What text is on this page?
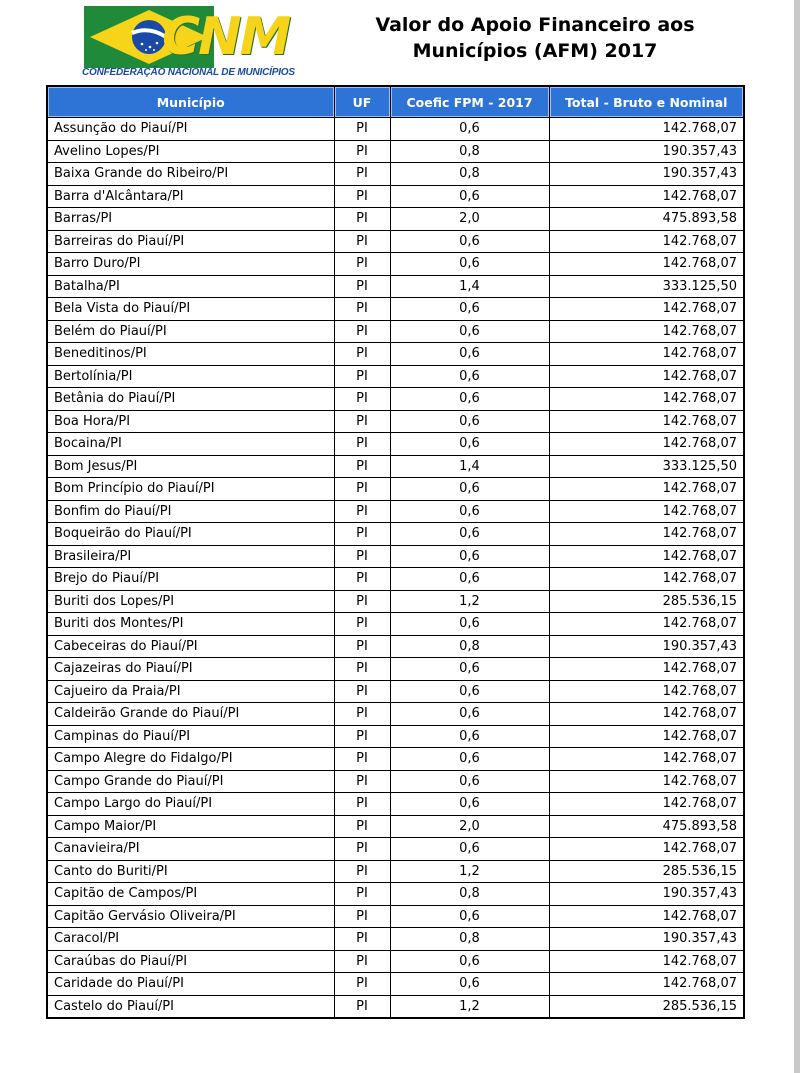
CNM
CONFEDERAÇÃO NACIONAL DE MUNICÍPIOS
Valor do Apoio Financeiro aos
Municípios (AFM) 2017
Município	UF	Coefic FPM - 2017	Total - Bruto e Nominal
Assunção do Piauí/PI	PI	0,6	142.768,07
Avelino Lopes/PI	PI	0,8	190.357,43
Baixa Grande do Ribeiro/PI	PI	0,8	190.357,43
Barra d'Alcântara/PI	PI	0,6	142.768,07
Barras/PI	PI	2,0	475.893,58
Barreiras do Piauí/PI	PI	0,6	142.768,07
Barro Duro/PI	PI	0,6	142.768,07
Batalha/PI	PI	1,4	333.125,50
Bela Vista do Piauí/PI	PI	0,6	142.768,07
Belém do Piauí/PI	PI	0,6	142.768,07
Beneditinos/PI	PI	0,6	142.768,07
Bertolínia/PI	PI	0,6	142.768,07
Betânia do Piauí/PI	PI	0,6	142.768,07
Boa Hora/PI	PI	0,6	142.768,07
Bocaina/PI	PI	0,6	142.768,07
Bom Jesus/PI	PI	1,4	333.125,50
Bom Princípio do Piauí/PI	PI	0,6	142.768,07
Bonfim do Piauí/PI	PI	0,6	142.768,07
Boqueirão do Piauí/PI	PI	0,6	142.768,07
Brasileira/PI	PI	0,6	142.768,07
Brejo do Piauí/PI	PI	0,6	142.768,07
Buriti dos Lopes/PI	PI	1,2	285.536,15
Buriti dos Montes/PI	PI	0,6	142.768,07
Cabeceiras do Piauí/PI	PI	0,8	190.357,43
Cajazeiras do Piauí/PI	PI	0,6	142.768,07
Cajueiro da Praia/PI	PI	0,6	142.768,07
Caldeirão Grande do Piauí/PI	PI	0,6	142.768,07
Campinas do Piauí/PI	PI	0,6	142.768,07
Campo Alegre do Fidalgo/PI	PI	0,6	142.768,07
Campo Grande do Piauí/PI	PI	0,6	142.768,07
Campo Largo do Piauí/PI	PI	0,6	142.768,07
Campo Maior/PI	PI	2,0	475.893,58
Canavieira/PI	PI	0,6	142.768,07
Canto do Buriti/PI	PI	1,2	285.536,15
Capitão de Campos/PI	PI	0,8	190.357,43
Capitão Gervásio Oliveira/PI	PI	0,6	142.768,07
Caracol/PI	PI	0,8	190.357,43
Caraúbas do Piauí/PI	PI	0,6	142.768,07
Caridade do Piauí/PI	PI	0,6	142.768,07
Castelo do Piauí/PI	PI	1,2	285.536,15
